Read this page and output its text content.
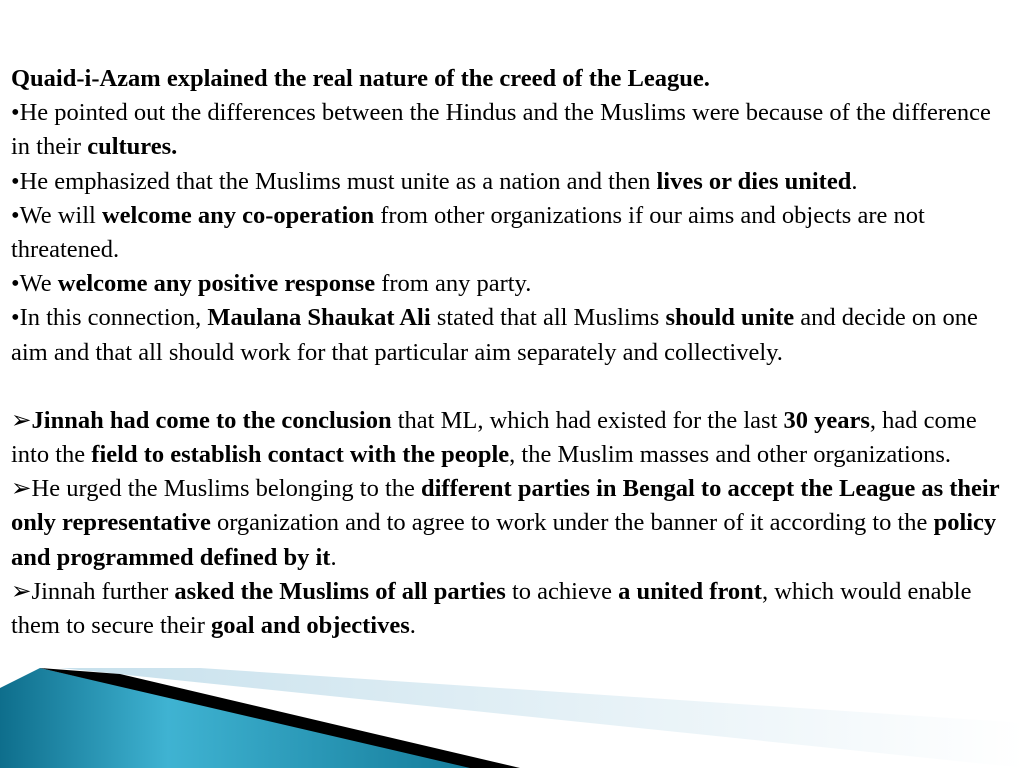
Quaid-i-Azam explained the real nature of the creed of the League.

•He pointed out the differences between the Hindus and the Muslims were because of the difference in their cultures.

•He emphasized that the Muslims must unite as a nation and then lives or dies united.

•We will welcome any co-operation from other organizations if our aims and objects are not threatened.

•We welcome any positive response from any party.

•In this connection, Maulana Shaukat Ali stated that all Muslims should unite and decide on one aim and that all should work for that particular aim separately and collectively.

➢Jinnah had come to the conclusion that ML, which had existed for the last 30 years, had come into the field to establish contact with the people, the Muslim masses and other organizations.

➢He urged the Muslims belonging to the different parties in Bengal to accept the League as their only representative organization and to agree to work under the banner of it according to the policy and programmed defined by it.

➢Jinnah further asked the Muslims of all parties to achieve a united front, which would enable them to secure their goal and objectives.
